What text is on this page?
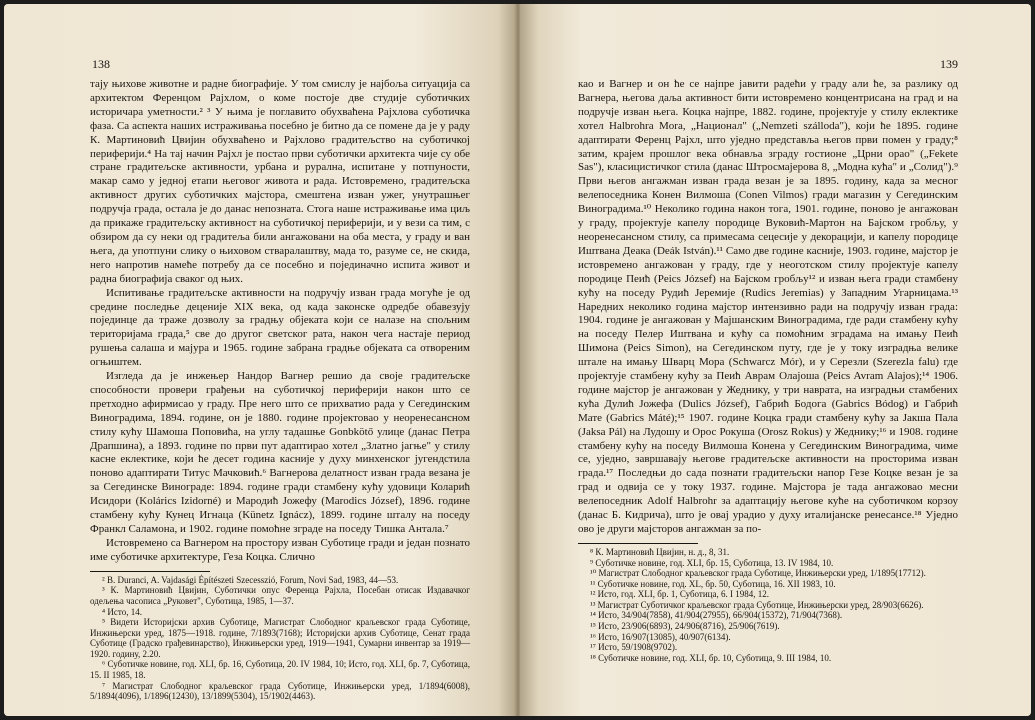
138

тају њихове животне и радне биографије. У том смислу је најбоља ситуација са архитектом Ференцом Рајхлом, о коме постоје две студије суботичких историчара уметности.² ³ У њима је поглавито обухваћена Рајхлова суботичка фаза. Са аспекта наших истраживања посебно је битно да се помене да је у раду К. Мартиновић Цвијин обухваћено и Рајхлово градитељство на суботичкој периферији.⁴ На тај начин Рајхл је постао први суботички архитекта чије су обе стране градитељске активности, урбана и рурална, испитане у потпуности, макар само у једној етапи његовог живота и рада. Истовремено, градитељска активност других суботичких мајстора, смештена изван ужег, унутрашњег подручја града, остала је до данас непозната. Стога наше истраживање има циљ да прикаже градитељску активност на суботичкој периферији, и у вези са тим, с обзиром да су неки од градитеља били ангажовани на оба места, у граду и ван њега, да употпуни слику о њиховом стваралаштву, мада то, разуме се, не скида, него напротив намеће потребу да се посебно и појединачно испита живот и радна биографија сваког од њих.

Испитивање градитељске активности на подручју изван града могуће је од средине последње деценије XIX века, од када законске одредбе обавезују појединце да траже дозволу за градњу објеката који се налазе на спољним територијама града,⁵ све до другог светског рата, након чега настаје период рушења салаша и мајура и 1965. године забрана градње објеката са отвореним огњиштем.

Изгледа да је инжењер Нандор Вагнер решио да своје градитељске способности провери грађењи на суботичкој периферији након што се претходно афирмисао у граду. Пре него што се прихватио рада у Сегединским Виноградима, 1894. године, он је 1880. године пројектовао у неоренесансном стилу кућу Шамоша Поповића, на углу тадашње Gonbkötő улице (данас Петра Драпшина), а 1893. године по први пут адаптирао хотел „Златно јагње" у стилу касне еклектике, који ће десет година касније у духу минхенског југендстила поново адаптирати Титус Мачковић.⁶ Вагнерова делатност изван града везана је за Сегединске Винограде: 1894. године гради стамбену кућу удовици Коларић Исидори (Kolárics Izidorné) и Мародић Јожефу (Marodics József), 1896. године стамбену кућу Кунец Игнаца (Künetz Ignácz), 1899. године шталу на поседу Франкл Саламона, и 1902. године помоћне зграде на поседу Тишка Антала.⁷

Истовремено са Вагнером на простору изван Суботице гради и један познато име суботичке архитектуре, Геза Коцка. Слично

² B. Duranci, A. Vajdasági Építészeti Szecesszió, Forum, Novi Sad, 1983, 44—53.

³ К. Мартиновић Цвијин, Суботички опус Ференца Рајхла, Посебан отисак Издавачког одељења часописа „Руковет", Суботица, 1985, 1—37.

⁴ Исто, 14.

⁵ Видети Историјски архив Суботице, Магистрат Слободног краљевског града Суботице, Инжињерски уред, 1875—1918. године, 7/1893(7168); Историјски архив Суботице, Сенат града Суботице (Градско грађевинарство), Инжињерски уред, 1919—1941, Сумарни инвентар за 1919—1920. годину, 2.20.

⁶ Суботичке новине, год. XLI, бр. 16, Суботица, 20. IV 1984, 10; Исто, год. XLI, бр. 7, Суботица, 15. II 1985, 18.

⁷ Магистрат Слободног краљевског града Суботице, Инжињерски уред, 1/1894(6008), 5/1894(4096), 1/1896(12430), 13/1899(5304), 15/1902(4463).

139

као и Вагнер и он ће се најпре јавити радећи у граду али ће, за разлику од Вагнера, његова даља активност бити истовремено концентрисана на град и на подручје изван њега. Коцка најпре, 1882. године, пројектује у стилу еклектике хотел Halbrohra Mora, „Национал" („Nemzeti szálloda"), који ће 1895. године адаптирати Ференц Рајхл, што уједно представља његов први помен у граду;⁸ затим, крајем прошлог века обнавља зграду гостионе „Црни орао" („Fekete Sas"), класицистичког стила (данас Штросмајерова 8, „Модна кућа" и „Солид").⁹ Први његов ангажман изван града везан је за 1895. годину, када за месног велепоседника Конен Вилмоша (Conen Vilmos) гради магазин у Сегединским Виноградима.¹⁰ Неколико година након тога, 1901. године, поново је ангажован у граду, пројектује капелу породице Вуковић-Мартон на Бајском гробљу, у неоренесансном стилу, са примесама сецесије у декорацији, и капелу породице Иштвана Деака (Deák István).¹¹ Само две године касније, 1903. године, мајстор је истовремено ангажован у граду, где у неоготском стилу пројектује капелу породице Пеић (Peics József) на Бајском гробљу¹² и изван њега гради стамбену кућу на поседу Рудић Јеремије (Rudics Jeremias) у Западним Угарницама.¹³ Наредних неколико година мајстор интензивно ради на подручју изван града: 1904. године је ангажован у Мајшанским Виноградима, где ради стамбену кућу на поседу Пелер Иштвана и кућу са помоћним зградама на имању Пеић Шимона (Peics Simon), на Сегединском путу, где је у току изградња велике штале на имању Шварц Мора (Schwarcz Mór), и у Серезли (Szerezla falu) где пројектује стамбену кућу за Пеић Аврам Олајоша (Peics Avram Alajos);¹⁴ 1906. године мајстор је ангажован у Жеднику, у три наврата, на изградњи стамбених кућа Дулић Јожефа (Dulics József), Габрић Бодога (Gabrics Bódog) и Габрић Мате (Gabrics Máté);¹⁵ 1907. године Коцка гради стамбену кућу за Јакша Пала (Jaksa Pál) на Лудошу и Орос Рокуша (Orosz Rokus) у Жеднику;¹⁶ и 1908. године стамбену кућу на поседу Вилмоша Конена у Сегединским Виноградима, чиме се, уједно, завршавају његове градитељске активности на просторима изван града.¹⁷ Последњи до сада познати градитељски напор Гезе Коцке везан је за град и одвија се у току 1937. године. Мајстора је тада ангажовао месни велепоседник Adolf Halbrohr за адаптацију његове куће на суботичком корзоу (данас Б. Кидрича), што је овај урадио у духу италијанске ренесансе.¹⁸ Уједно ово је други мајсторов ангажман за по-

⁸ К. Мартиновић Цвијин, н. д., 8, 31.

⁹ Суботичке новине, год. XLI, бр. 15, Суботица, 13. IV 1984, 10.

¹⁰ Магистрат Слободног краљевског града Суботице, Инжињерски уред, 1/1895(17712).

¹¹ Суботичке новине, год. XL, бр. 50, Суботица, 16. XII 1983, 10.

¹² Исто, год. XLI, бр. 1, Суботица, 6. I 1984, 12.

¹³ Магистрат Суботичког краљевског града Суботице, Инжињерски уред, 28/903(6626).

¹⁴ Исто, 34/904(7858), 41/904(27955), 66/904(15372), 71/904(7368).

¹⁵ Исто, 23/906(6893), 24/906(8716), 25/906(7619).

¹⁶ Исто, 16/907(13085), 40/907(6134).

¹⁷ Исто, 59/1908(9702).

¹⁸ Суботичке новине, год. XLI, бр. 10, Суботица, 9. III 1984, 10.
